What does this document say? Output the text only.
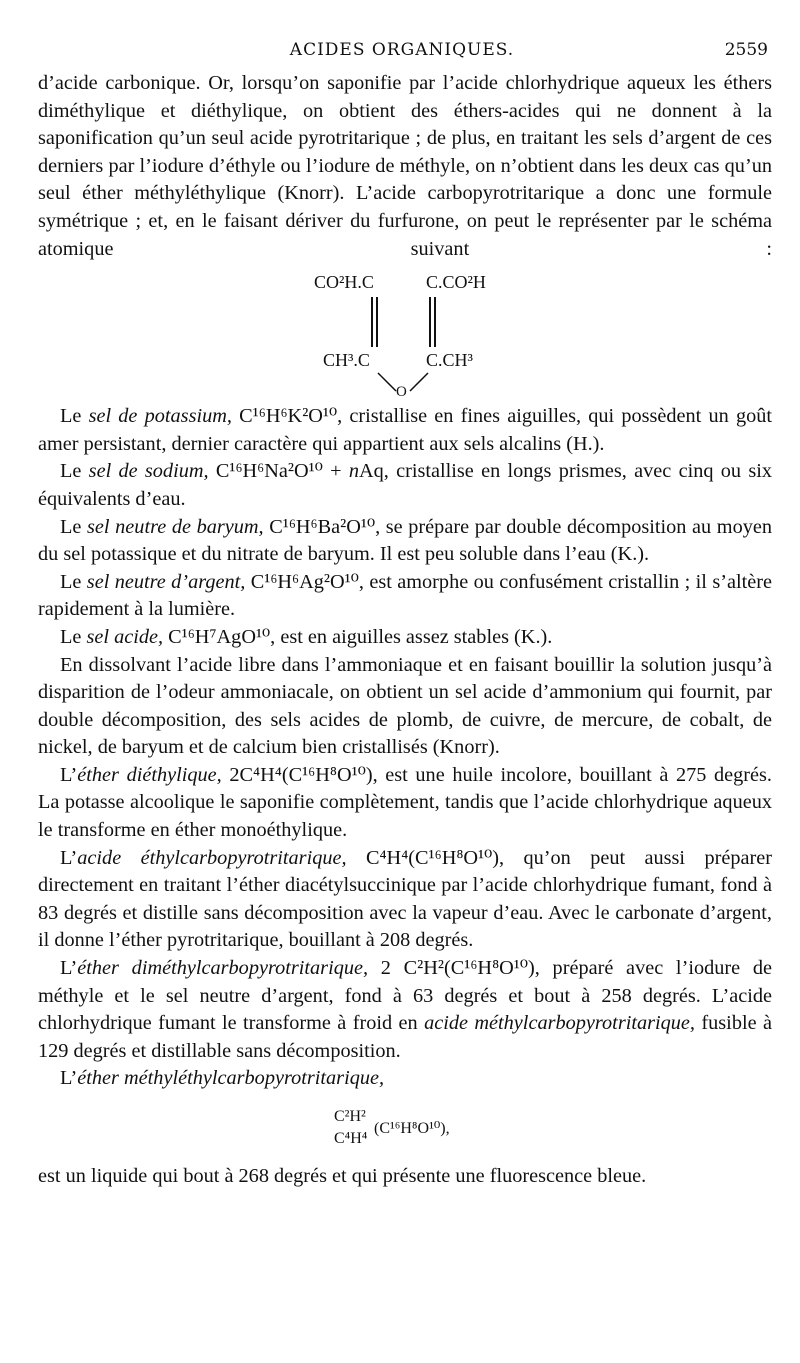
ACIDES ORGANIQUES.	2559

d’acide carbonique. Or, lorsqu’on saponifie par l’acide chlorhydrique aqueux les éthers diméthylique et diéthylique, on obtient des éthers-acides qui ne donnent à la saponification qu’un seul acide pyrotritarique ; de plus, en traitant les sels d’argent de ces derniers par l’iodure d’éthyle ou l’iodure de méthyle, on n’obtient dans les deux cas qu’un seul éther méthyléthylique (Knorr). L’acide carbopyrotritarique a donc une formule symétrique ; et, en le faisant dériver du furfurone, on peut le représenter par le schéma atomique suivant :

CO²H.C	C.CO²H
CH³.C	C.CH³
O

Le sel de potassium, C¹⁶H⁶K²O¹⁰, cristallise en fines aiguilles, qui possèdent un goût amer persistant, dernier caractère qui appartient aux sels alcalins (H.).

Le sel de sodium, C¹⁶H⁶Na²O¹⁰ + nAq, cristallise en longs prismes, avec cinq ou six équivalents d’eau.

Le sel neutre de baryum, C¹⁶H⁶Ba²O¹⁰, se prépare par double décomposition au moyen du sel potassique et du nitrate de baryum. Il est peu soluble dans l’eau (K.).

Le sel neutre d’argent, C¹⁶H⁶Ag²O¹⁰, est amorphe ou confusément cristallin ; il s’altère rapidement à la lumière.

Le sel acide, C¹⁶H⁷AgO¹⁰, est en aiguilles assez stables (K.).

En dissolvant l’acide libre dans l’ammoniaque et en faisant bouillir la solution jusqu’à disparition de l’odeur ammoniacale, on obtient un sel acide d’ammonium qui fournit, par double décomposition, des sels acides de plomb, de cuivre, de mercure, de cobalt, de nickel, de baryum et de calcium bien cristallisés (Knorr).

L’éther diéthylique, 2C⁴H⁴(C¹⁶H⁸O¹⁰), est une huile incolore, bouillant à 275 degrés. La potasse alcoolique le saponifie complètement, tandis que l’acide chlorhydrique aqueux le transforme en éther monoéthylique.

L’acide éthylcarbopyrotritarique, C⁴H⁴(C¹⁶H⁸O¹⁰), qu’on peut aussi préparer directement en traitant l’éther diacétylsuccinique par l’acide chlorhydrique fumant, fond à 83 degrés et distille sans décomposition avec la vapeur d’eau. Avec le carbonate d’argent, il donne l’éther pyrotritarique, bouillant à 208 degrés.

L’éther diméthylcarbopyrotritarique, 2 C²H²(C¹⁶H⁸O¹⁰), préparé avec l’iodure de méthyle et le sel neutre d’argent, fond à 63 degrés et bout à 258 degrés. L’acide chlorhydrique fumant le transforme à froid en acide méthylcarbopyrotritarique, fusible à 129 degrés et distillable sans décomposition.

L’éther méthyléthylcarbopyrotritarique,

C²H²
C⁴H⁴
(C¹⁶H⁸O¹⁰),

est un liquide qui bout à 268 degrés et qui présente une fluorescence bleue.
